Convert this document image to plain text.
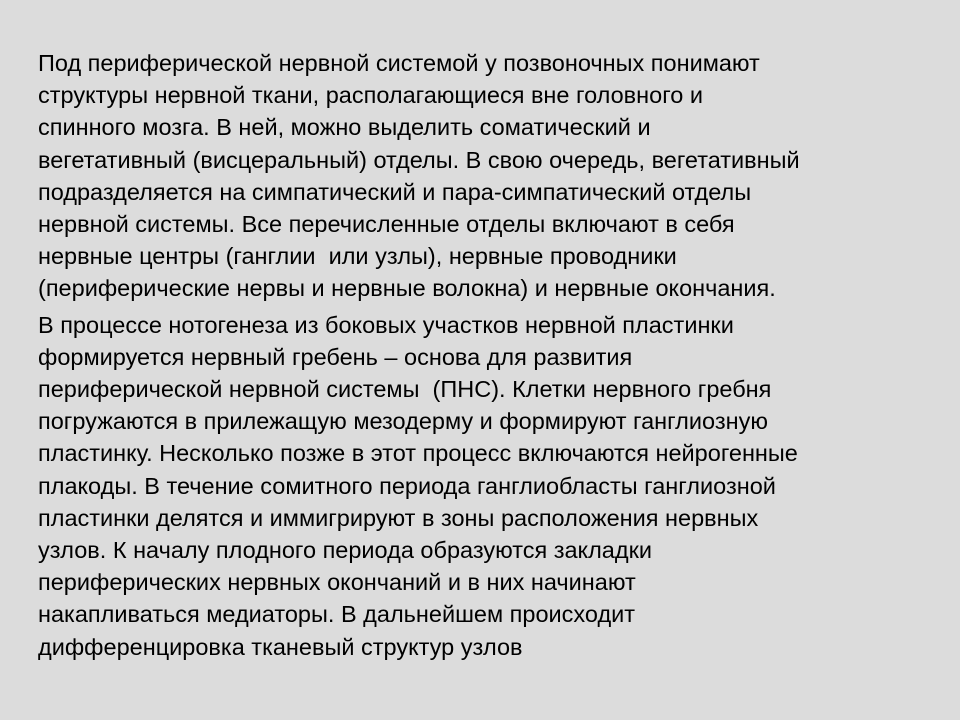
Под периферической нервной системой у позвоночных понимают
структуры нервной ткани, располагающиеся вне головного и
спинного мозга. В ней, можно выделить соматический и
вегетативный (висцеральный) отделы. В свою очередь, вегетативный
подразделяется на симпатический и пара-симпатический отделы
нервной системы. Все перечисленные отделы включают в себя
нервные центры (ганглии  или узлы), нервные проводники
(периферические нервы и нервные волокна) и нервные окончания.

В процессе нотогенеза из боковых участков нервной пластинки
формируется нервный гребень – основа для развития
периферической нервной системы  (ПНС). Клетки нервного гребня
погружаются в прилежащую мезодерму и формируют ганглиозную
пластинку. Несколько позже в этот процесс включаются нейрогенные
плакоды. В течение сомитного периода ганглиобласты ганглиозной
пластинки делятся и иммигрируют в зоны расположения нервных
узлов. К началу плодного периода образуются закладки
периферических нервных окончаний и в них начинают
накапливаться медиаторы. В дальнейшем происходит
дифференцировка тканевый структур узлов
